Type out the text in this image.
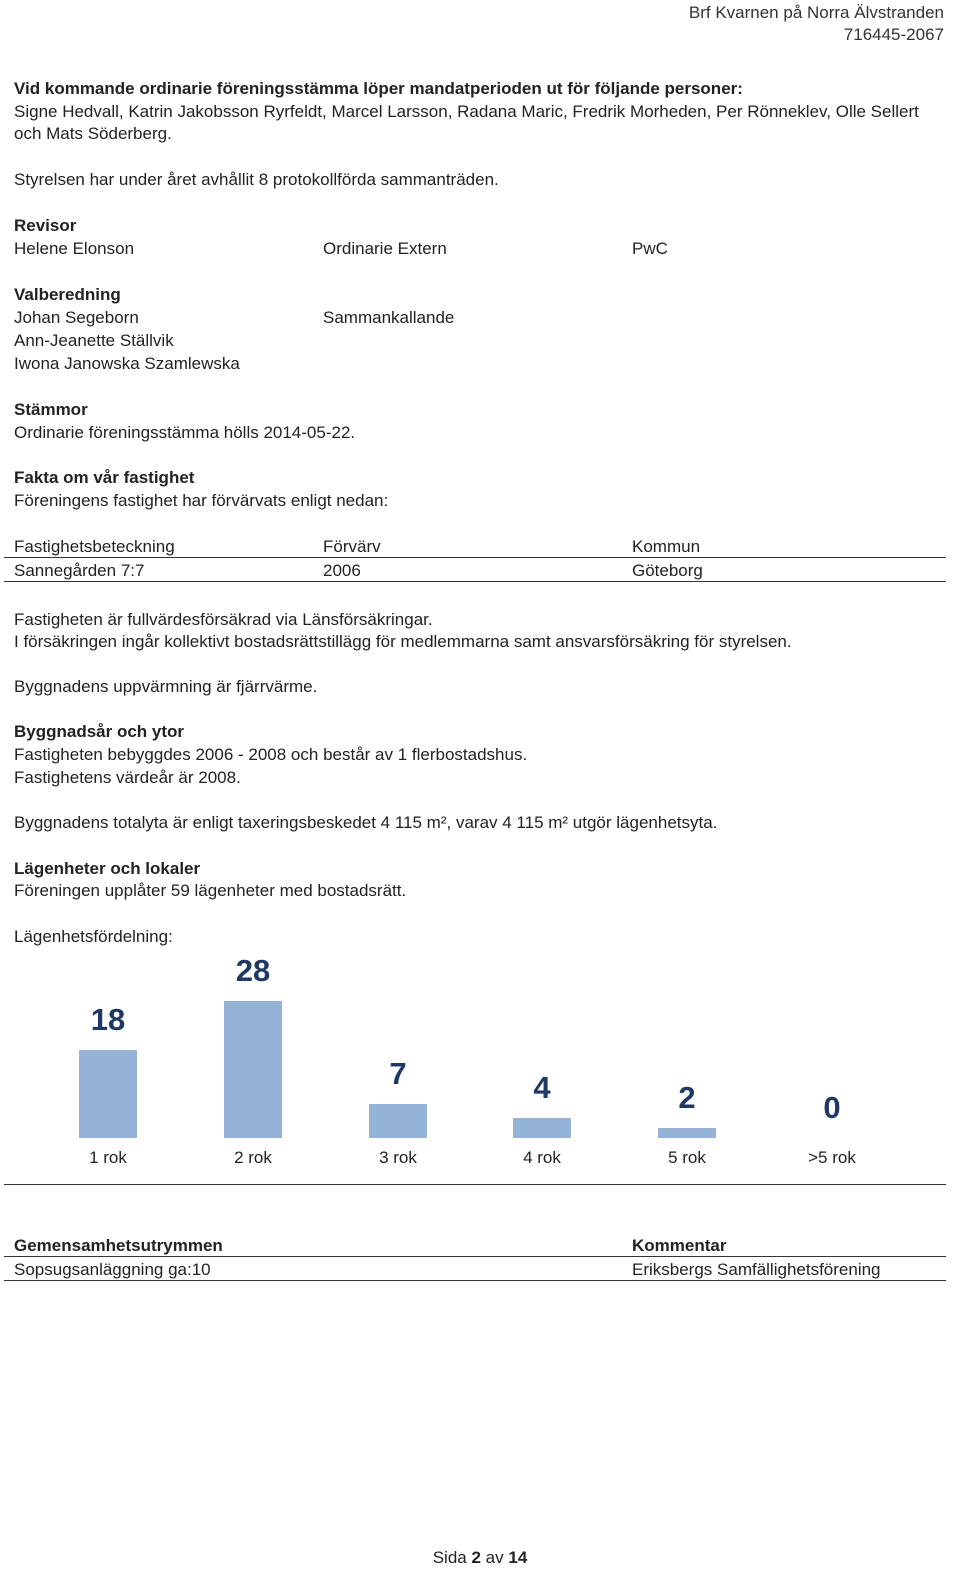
Brf Kvarnen på Norra Älvstranden
716445-2067
Vid kommande ordinarie föreningsstämma löper mandatperioden ut för följande personer:
Signe Hedvall, Katrin Jakobsson Ryrfeldt, Marcel Larsson, Radana Maric, Fredrik Morheden, Per Rönneklev, Olle Sellert
och Mats Söderberg.
Styrelsen har under året avhållit 8 protokollförda sammanträden.
Revisor
Helene Elonson	Ordinarie Extern	PwC
Valberedning
Johan Segeborn	Sammankallande
Ann-Jeanette Ställvik
Iwona Janowska Szamlewska
Stämmor
Ordinarie föreningsstämma hölls 2014-05-22.
Fakta om vår fastighet
Föreningens fastighet har förvärvats enligt nedan:
Fastighetsbeteckning	Förvärv	Kommun
Sannegården 7:7	2006	Göteborg
Fastigheten är fullvärdesförsäkrad via Länsförsäkringar.
I försäkringen ingår kollektivt bostadsrättstillägg för medlemmarna samt ansvarsförsäkring för styrelsen.
Byggnadens uppvärmning är fjärrvärme.
Byggnadsår och ytor
Fastigheten bebyggdes 2006 - 2008 och består av 1 flerbostadshus.
Fastighetens värdeår är 2008.
Byggnadens totalyta är enligt taxeringsbeskedet 4 115 m², varav 4 115 m² utgör lägenhetsyta.
Lägenheter och lokaler
Föreningen upplåter 59 lägenheter med bostadsrätt.
Lägenhetsfördelning:
18
1 rok
28
2 rok
7
3 rok
4
4 rok
2
5 rok
0
>5 rok
Gemensamhetsutrymmen	Kommentar
Sopsugsanläggning ga:10	Eriksbergs Samfällighetsförening
Sida 2 av 14
